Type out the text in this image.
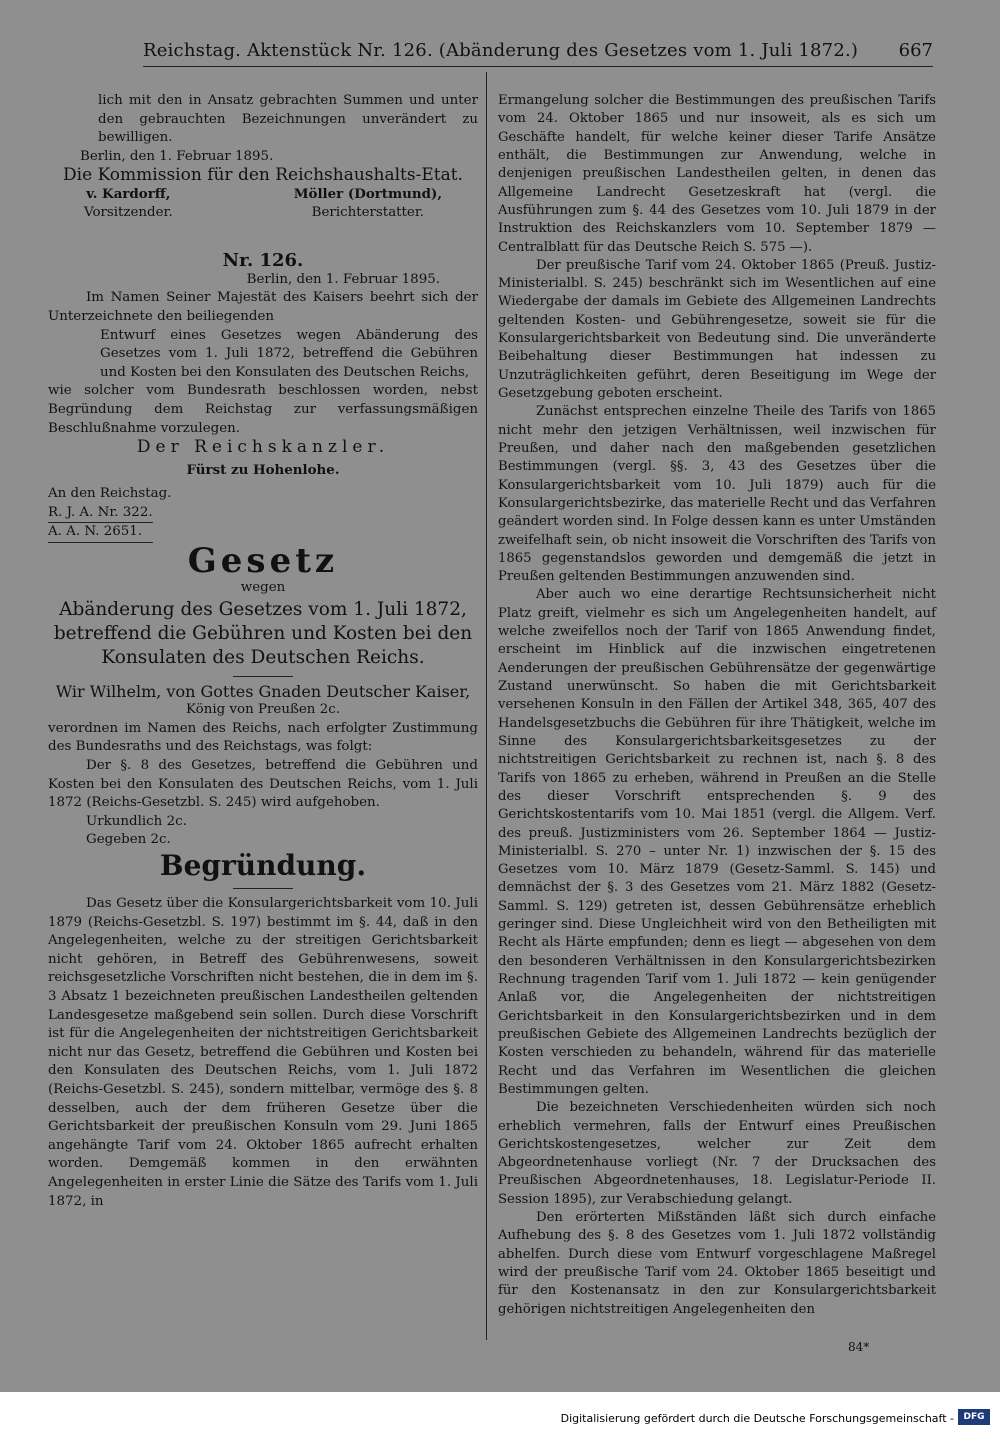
Reichstag. Aktenstück Nr. 126. (Abänderung des Gesetzes vom 1. Juli 1872.) 667

lich mit den in Ansatz gebrachten Summen und unter den gebrauchten Bezeichnungen unverändert zu bewilligen.

Berlin, den 1. Februar 1895.

Die Kommission für den Reichshaushalts-Etat.

v. Kardorff,
Vorsitzender.
Möller (Dortmund),
Berichterstatter.

Nr. 126.

Berlin, den 1. Februar 1895.

Im Namen Seiner Majestät des Kaisers beehrt sich der Unterzeichnete den beiliegenden

Entwurf eines Gesetzes wegen Abänderung des Gesetzes vom 1. Juli 1872, betreffend die Gebühren und Kosten bei den Konsulaten des Deutschen Reichs,

wie solcher vom Bundesrath beschlossen worden, nebst Begründung dem Reichstag zur verfassungsmäßigen Beschlußnahme vorzulegen.

Der Reichskanzler.

Fürst zu Hohenlohe.

An den Reichstag.

R. J. A. Nr. 322.

A. A. N. 2651.

Gesetz

wegen

Abänderung des Gesetzes vom 1. Juli 1872, betreffend die Gebühren und Kosten bei den Konsulaten des Deutschen Reichs.

Wir Wilhelm, von Gottes Gnaden Deutscher Kaiser,

König von Preußen 2c.

verordnen im Namen des Reichs, nach erfolgter Zustimmung des Bundesraths und des Reichstags, was folgt:

Der §. 8 des Gesetzes, betreffend die Gebühren und Kosten bei den Konsulaten des Deutschen Reichs, vom 1. Juli 1872 (Reichs-Gesetzbl. S. 245) wird aufgehoben.

Urkundlich 2c.

Gegeben 2c.

Begründung.

Das Gesetz über die Konsulargerichtsbarkeit vom 10. Juli 1879 (Reichs-Gesetzbl. S. 197) bestimmt im §. 44, daß in den Angelegenheiten, welche zu der streitigen Gerichtsbarkeit nicht gehören, in Betreff des Gebührenwesens, soweit reichsgesetzliche Vorschriften nicht bestehen, die in dem im §. 3 Absatz 1 bezeichneten preußischen Landestheilen geltenden Landesgesetze maßgebend sein sollen. Durch diese Vorschrift ist für die Angelegenheiten der nichtstreitigen Gerichtsbarkeit nicht nur das Gesetz, betreffend die Gebühren und Kosten bei den Konsulaten des Deutschen Reichs, vom 1. Juli 1872 (Reichs-Gesetzbl. S. 245), sondern mittelbar, vermöge des §. 8 desselben, auch der dem früheren Gesetze über die Gerichtsbarkeit der preußischen Konsuln vom 29. Juni 1865 angehängte Tarif vom 24. Oktober 1865 aufrecht erhalten worden. Demgemäß kommen in den erwähnten Angelegenheiten in erster Linie die Sätze des Tarifs vom 1. Juli 1872, in

Ermangelung solcher die Bestimmungen des preußischen Tarifs vom 24. Oktober 1865 und nur insoweit, als es sich um Geschäfte handelt, für welche keiner dieser Tarife Ansätze enthält, die Bestimmungen zur Anwendung, welche in denjenigen preußischen Landestheilen gelten, in denen das Allgemeine Landrecht Gesetzeskraft hat (vergl. die Ausführungen zum §. 44 des Gesetzes vom 10. Juli 1879 in der Instruktion des Reichskanzlers vom 10. September 1879 — Centralblatt für das Deutsche Reich S. 575 —).

Der preußische Tarif vom 24. Oktober 1865 (Preuß. Justiz-Ministerialbl. S. 245) beschränkt sich im Wesentlichen auf eine Wiedergabe der damals im Gebiete des Allgemeinen Landrechts geltenden Kosten- und Gebührengesetze, soweit sie für die Konsulargerichtsbarkeit von Bedeutung sind. Die unveränderte Beibehaltung dieser Bestimmungen hat indessen zu Unzuträglichkeiten geführt, deren Beseitigung im Wege der Gesetzgebung geboten erscheint.

Zunächst entsprechen einzelne Theile des Tarifs von 1865 nicht mehr den jetzigen Verhältnissen, weil inzwischen für Preußen, und daher nach den maßgebenden gesetzlichen Bestimmungen (vergl. §§. 3, 43 des Gesetzes über die Konsulargerichtsbarkeit vom 10. Juli 1879) auch für die Konsulargerichtsbezirke, das materielle Recht und das Verfahren geändert worden sind. In Folge dessen kann es unter Umständen zweifelhaft sein, ob nicht insoweit die Vorschriften des Tarifs von 1865 gegenstandslos geworden und demgemäß die jetzt in Preußen geltenden Bestimmungen anzuwenden sind.

Aber auch wo eine derartige Rechtsunsicherheit nicht Platz greift, vielmehr es sich um Angelegenheiten handelt, auf welche zweifellos noch der Tarif von 1865 Anwendung findet, erscheint im Hinblick auf die inzwischen eingetretenen Aenderungen der preußischen Gebührensätze der gegenwärtige Zustand unerwünscht. So haben die mit Gerichtsbarkeit versehenen Konsuln in den Fällen der Artikel 348, 365, 407 des Handelsgesetzbuchs die Gebühren für ihre Thätigkeit, welche im Sinne des Konsulargerichtsbarkeitsgesetzes zu der nichtstreitigen Gerichtsbarkeit zu rechnen ist, nach §. 8 des Tarifs von 1865 zu erheben, während in Preußen an die Stelle des dieser Vorschrift entsprechenden §. 9 des Gerichtskostentarifs vom 10. Mai 1851 (vergl. die Allgem. Verf. des preuß. Justizministers vom 26. September 1864 — Justiz-Ministerialbl. S. 270 – unter Nr. 1) inzwischen der §. 15 des Gesetzes vom 10. März 1879 (Gesetz-Samml. S. 145) und demnächst der §. 3 des Gesetzes vom 21. März 1882 (Gesetz-Samml. S. 129) getreten ist, dessen Gebührensätze erheblich geringer sind. Diese Ungleichheit wird von den Betheiligten mit Recht als Härte empfunden; denn es liegt — abgesehen von dem den besonderen Verhältnissen in den Konsulargerichtsbezirken Rechnung tragenden Tarif vom 1. Juli 1872 — kein genügender Anlaß vor, die Angelegenheiten der nichtstreitigen Gerichtsbarkeit in den Konsulargerichtsbezirken und in dem preußischen Gebiete des Allgemeinen Landrechts bezüglich der Kosten verschieden zu behandeln, während für das materielle Recht und das Verfahren im Wesentlichen die gleichen Bestimmungen gelten.

Die bezeichneten Verschiedenheiten würden sich noch erheblich vermehren, falls der Entwurf eines Preußischen Gerichtskostengesetzes, welcher zur Zeit dem Abgeordnetenhause vorliegt (Nr. 7 der Drucksachen des Preußischen Abgeordnetenhauses, 18. Legislatur-Periode II. Session 1895), zur Verabschiedung gelangt.

Den erörterten Mißständen läßt sich durch einfache Aufhebung des §. 8 des Gesetzes vom 1. Juli 1872 vollständig abhelfen. Durch diese vom Entwurf vorgeschlagene Maßregel wird der preußische Tarif vom 24. Oktober 1865 beseitigt und für den Kostenansatz in den zur Konsulargerichtsbarkeit gehörigen nichtstreitigen Angelegenheiten den

84*
Digitalisierung gefördert durch die Deutsche Forschungsgemeinschaft -	DFG
